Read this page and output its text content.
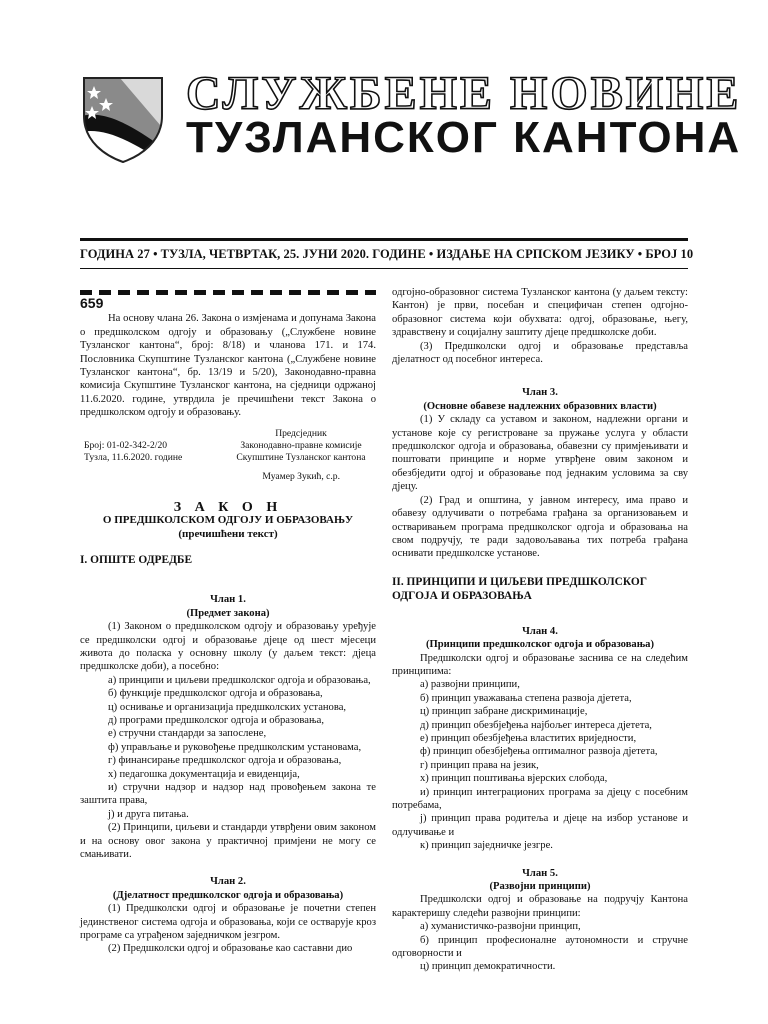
СЛУЖБЕНЕ НОВИНЕ
ТУЗЛАНСКОГ КАНТОНА
ГОДИНА 27 • ТУЗЛА, ЧЕТВРТАК, 25. ЈУНИ 2020. ГОДИНЕ • ИЗДАЊЕ НА СРПСКОМ ЈЕЗИКУ • БРОЈ 10
659

На основу члана 26. Закона о измјенама и допунама Закона о предшколском одгоју и образовању („Службене новине Тузланског кантона“, број: 8/18) и чланова 171. и 174. Пословника Скупштине Тузланског кантона („Службене новине Тузланског кантона“, бр. 13/19 и 5/20), Законодавно-правна комисија Скупштине Тузланског кантона, на сједници одржаној 11.6.2020. године, утврдила је пречишћени текст Закона о предшколском одгоју и образовању.

Број: 01-02-342-2/20
Тузла, 11.6.2020. године
Предсједник
Законодавно-правне комисије
Скупштине Тузланског кантона
Муамер Зукић, с.р.
З А К О Н
О ПРЕДШКОЛСКОМ ОДГОЈУ И ОБРАЗОВАЊУ
(пречишћени текст)
I. ОПШТЕ ОДРЕДБЕ
Члан 1.
(Предмет закона)

(1) Законом о предшколском одгоју и образовању уређује се предшколски одгој и образовање дјеце од шест мјесеци живота до поласка у основну школу (у даљем текст: дјеца предшколске доби), а посебно:

а) принципи и циљеви предшколског одгоја и образовања,
б) функције предшколског одгоја и образовања,
ц) оснивање и организација предшколских установа,
д) програми предшколског одгоја и образовања,
е) стручни стандарди за запослене,
ф) управљање и руковођење предшколским установама,
г) финансирање предшколског одгоја и образовања,
х) педагошка документација и евиденција,

и) стручни надзор и надзор над провођењем закона те заштита права,

ј) и друга питања.

(2) Принципи, циљеви и стандарди утврђени овим законом и на основу овог закона у практичној примјени не могу се смањивати.

Члан 2.
(Дјелатност предшколског одгоја и образовања)

(1) Предшколски одгој и образовање је почетни степен јединственог система одгоја и образовања, који се остварује кроз програме са уграђеном заједничком језгром.

(2) Предшколски одгој и образовање као саставни дио

одгојно-образовног система Тузланског кантона (у даљем тексту: Кантон) је први, посебан и специфичан степен одгојно-образовног система који обухвата: одгој, образовање, његу, здравствену и социјалну заштиту дјеце предшколске доби.

(3) Предшколски одгој и образовање представља дјелатност од посебног интереса.

Члан 3.
(Основне обавезе надлежних образовних власти)

(1) У складу са уставом и законом, надлежни органи и установе које су регистроване за пружање услуга у области предшколског одгоја и образовања, обавезни су примјењивати и поштовати принципе и норме утврђене овим законом и обезбједити одгој и образовање под једнаким условима за сву дјецу.

(2) Град и општина, у јавном интересу, има право и обавезу одлучивати о потребама грађана за организовањем и остваривањем програма предшколског одгоја и образовања на свом подручју, те ради задовољавања тих потреба грађана оснивати предшколске установе.

II. ПРИНЦИПИ И ЦИЉЕВИ ПРЕДШКОЛСКОГ ОДГОЈА И ОБРАЗОВАЊА
Члан 4.
(Принципи предшколског одгоја и образовања)

Предшколски одгој и образовање заснива се на следећим принципима:

а) развојни принципи,
б) принцип уважавања степена развоја дјетета,
ц) принцип забране дискриминације,
д) принцип обезбјеђења најбољег интереса дјетета,
е) принцип обезбјеђења властитих вриједности,
ф) принцип обезбјеђења оптималног развоја дјетета,
г) принцип права на језик,
х) принцип поштивања вјерских слобода,

и) принцип интеграционих програма за дјецу с посебним потребама,

ј) принцип права родитеља и дјеце на избор установе и одлучивање и

к) принцип заједничке језгре.
Члан 5.
(Развојни принципи)

Предшколски одгој и образовање на подручју Кантона карактеришу следећи развојни принципи:

а) хуманистичко-развојни принцип,

б) принцип професионалне аутономности и стручне одговорности и

ц) принцип демократичности.
